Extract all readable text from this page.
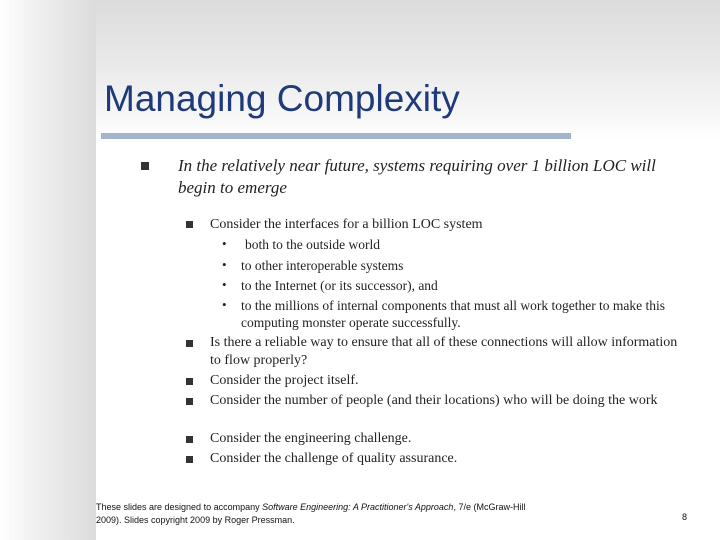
Managing Complexity
In the relatively near future, systems requiring over 1 billion LOC will begin to emerge
Consider the interfaces for a billion LOC system
• both to the outside world
• to other interoperable systems
• to the Internet (or its successor), and
• to the millions of internal components that must all work together to make this computing monster operate successfully.
Is there a reliable way to ensure that all of these connections will allow information to flow properly?
Consider the project itself.
Consider the number of people (and their locations) who will be doing the work
Consider the engineering challenge.
Consider the challenge of quality assurance.
These slides are designed to accompany Software Engineering: A Practitioner's Approach, 7/e (McGraw-Hill 2009). Slides copyright 2009 by Roger Pressman.	8
